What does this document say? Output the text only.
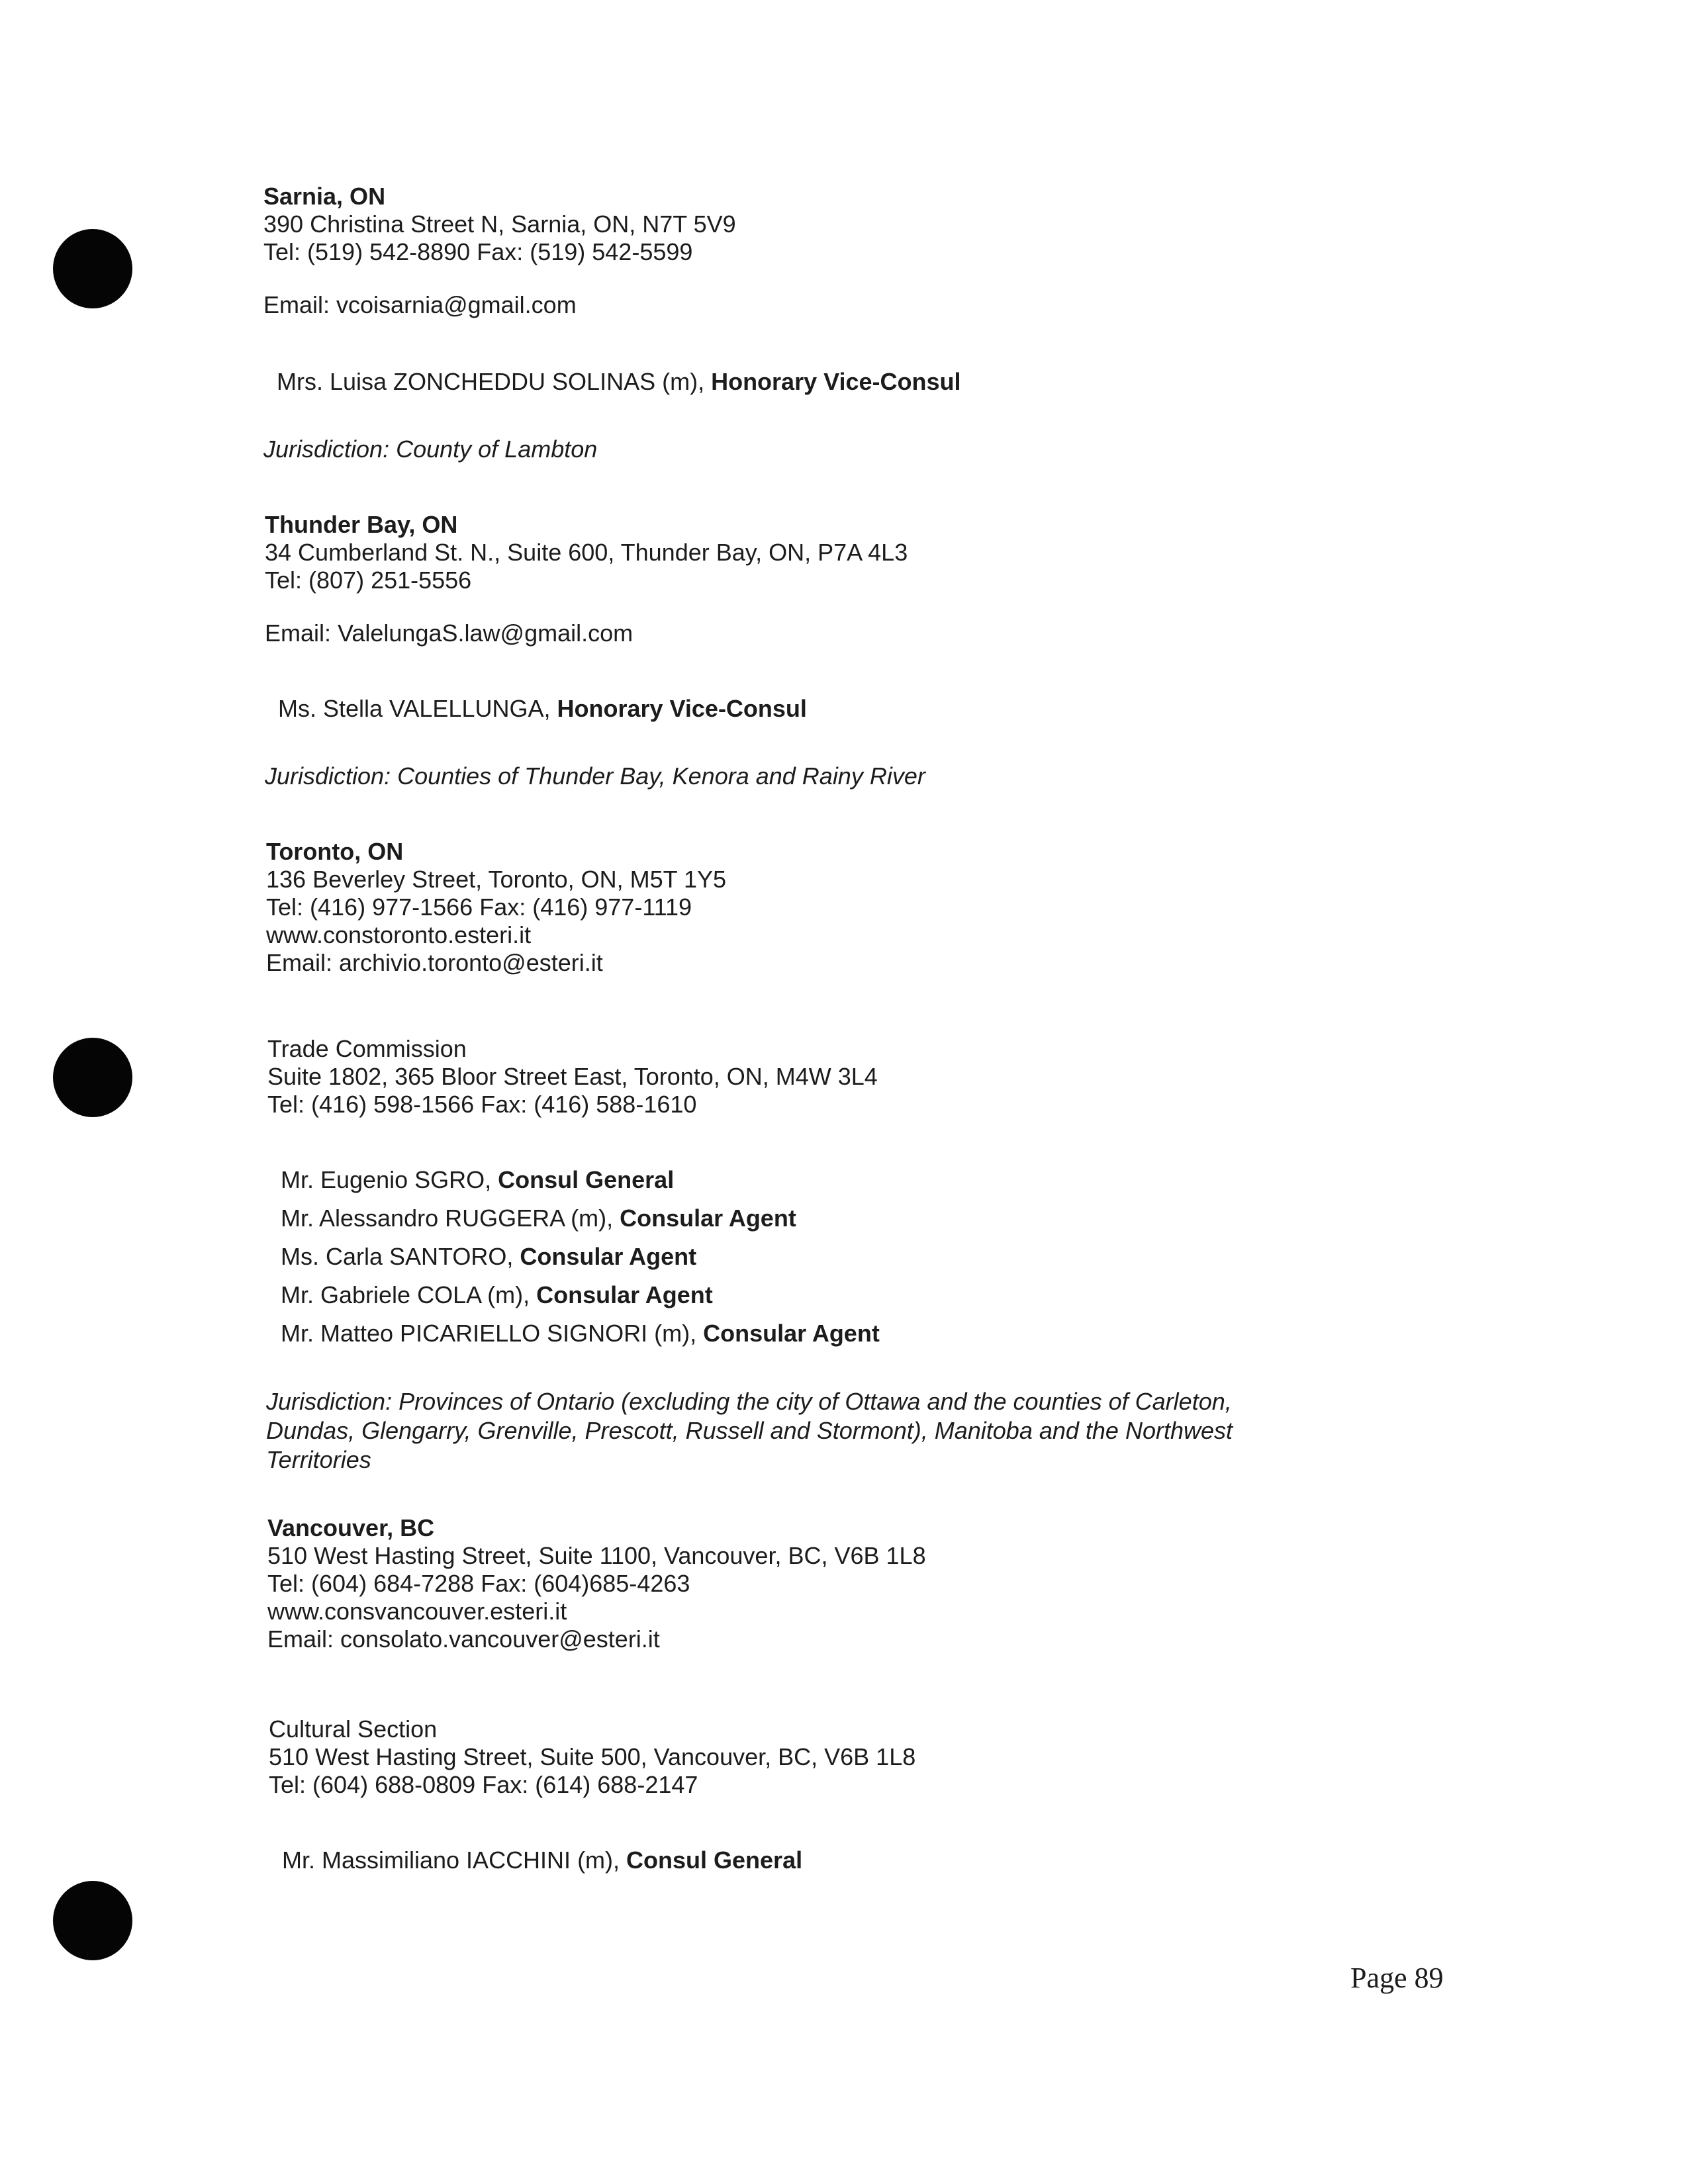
Sarnia, ON
390 Christina Street N, Sarnia, ON, N7T 5V9
Tel: (519) 542-8890 Fax: (519) 542-5599
Email: vcoisarnia@gmail.com
Mrs. Luisa ZONCHEDDU SOLINAS (m), Honorary Vice-Consul
Jurisdiction: County of Lambton
Thunder Bay, ON
34 Cumberland St. N., Suite 600, Thunder Bay, ON, P7A 4L3
Tel: (807) 251-5556
Email: ValelungaS.law@gmail.com
Ms. Stella VALELLUNGA, Honorary Vice-Consul
Jurisdiction: Counties of Thunder Bay, Kenora and Rainy River
Toronto, ON
136 Beverley Street, Toronto, ON, M5T 1Y5
Tel: (416) 977-1566 Fax: (416) 977-1119
www.constoronto.esteri.it
Email: archivio.toronto@esteri.it
Trade Commission
Suite 1802, 365 Bloor Street East, Toronto, ON, M4W 3L4
Tel: (416) 598-1566 Fax: (416) 588-1610
Mr. Eugenio SGRO, Consul General
Mr. Alessandro RUGGERA (m), Consular Agent
Ms. Carla SANTORO, Consular Agent
Mr. Gabriele COLA (m), Consular Agent
Mr. Matteo PICARIELLO SIGNORI (m), Consular Agent
Jurisdiction: Provinces of Ontario (excluding the city of Ottawa and the counties of Carleton, Dundas, Glengarry, Grenville, Prescott, Russell and Stormont), Manitoba and the Northwest Territories
Vancouver, BC
510 West Hasting Street, Suite 1100, Vancouver, BC, V6B 1L8
Tel: (604) 684-7288 Fax: (604)685-4263
www.consvancouver.esteri.it
Email: consolato.vancouver@esteri.it
Cultural Section
510 West Hasting Street, Suite 500, Vancouver, BC, V6B 1L8
Tel: (604) 688-0809 Fax: (614) 688-2147
Mr. Massimiliano IACCHINI (m), Consul General
Page 89
